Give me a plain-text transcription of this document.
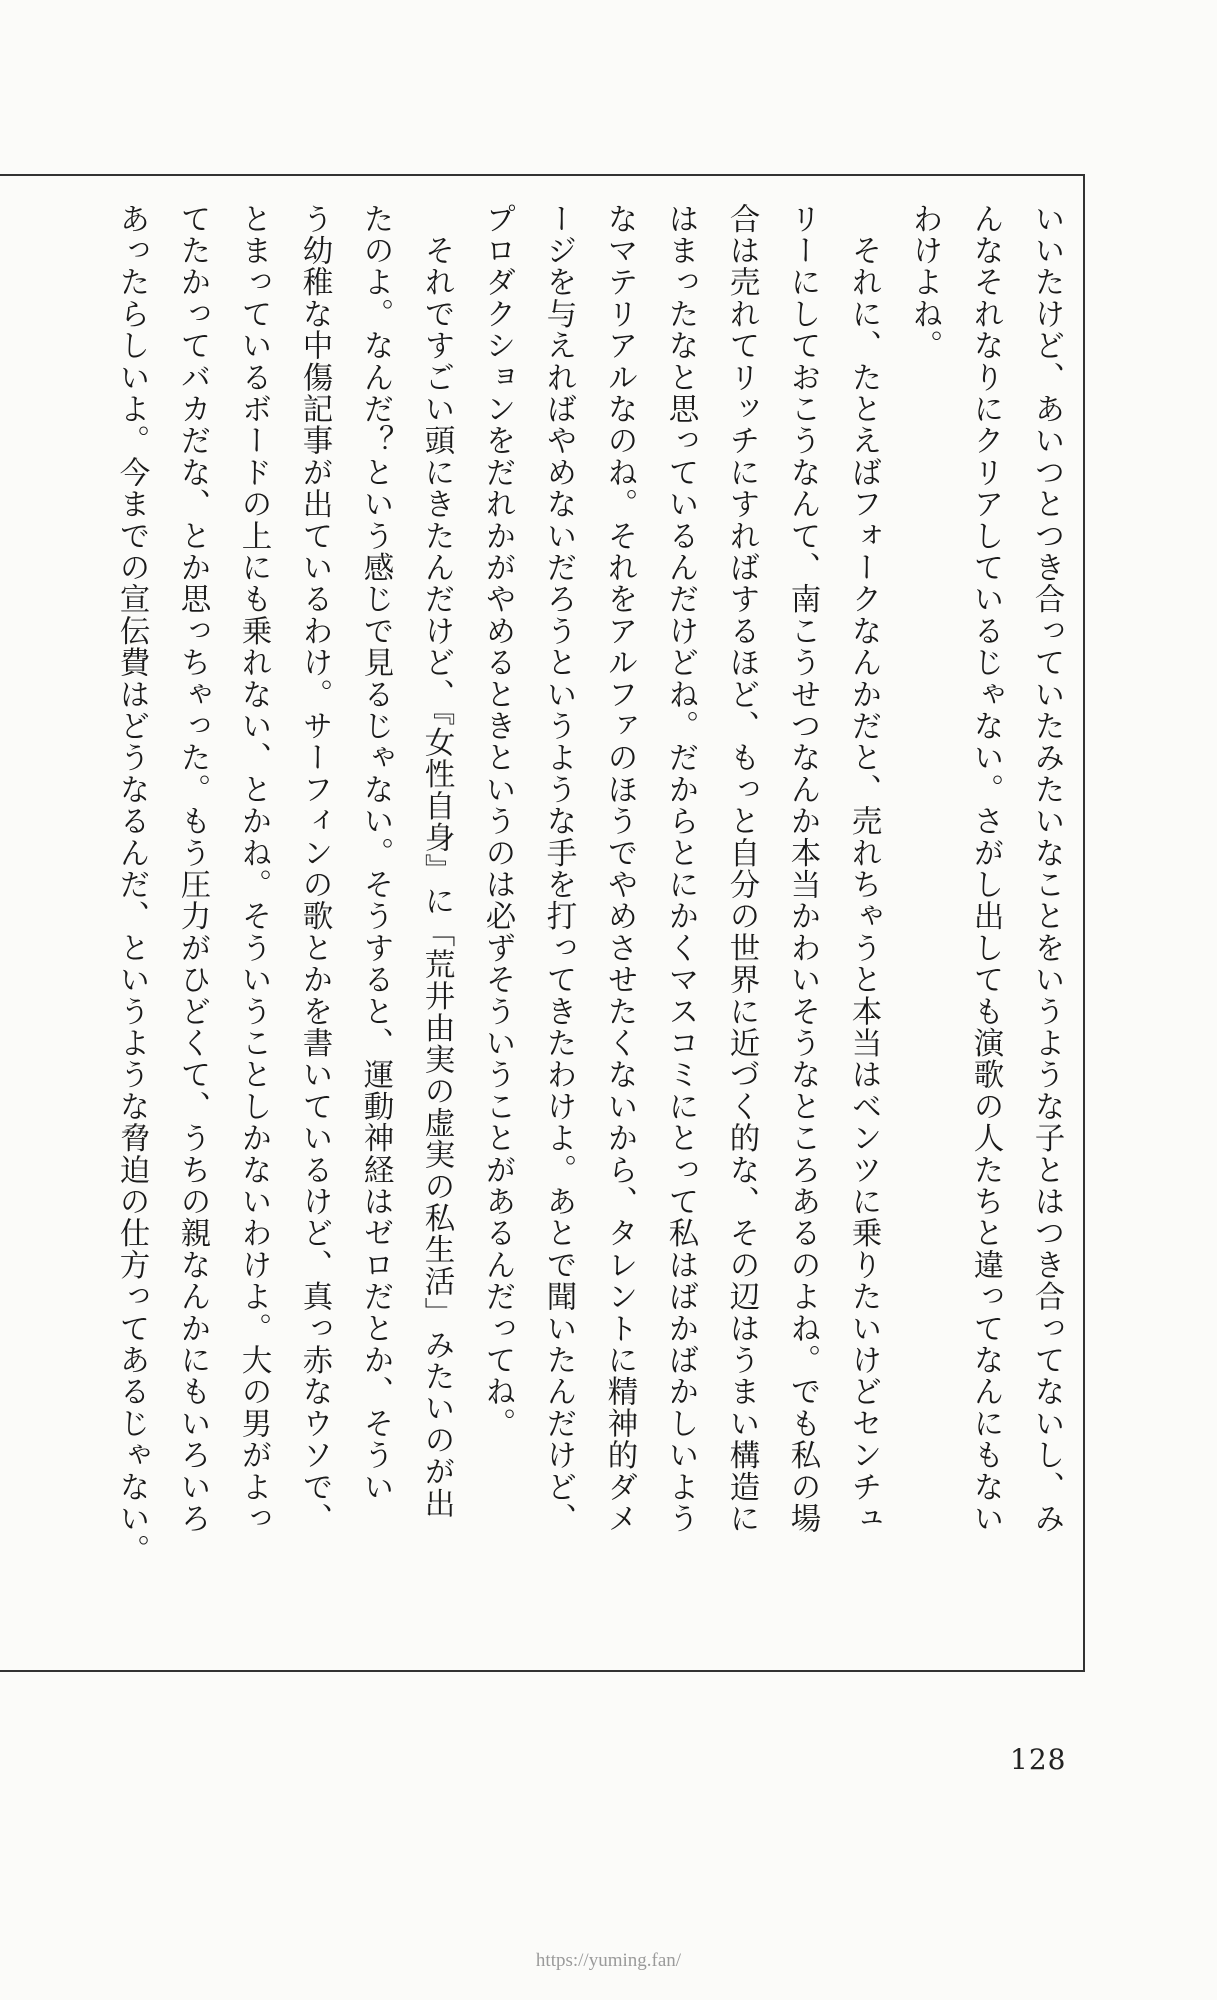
いいたけど、あいつとつき合っていたみたいなことをいうような子とはつき合ってないし、み
んなそれなりにクリアしているじゃない。さがし出しても演歌の人たちと違ってなんにもない
わけよね。
　それに、たとえばフォークなんかだと、売れちゃうと本当はベンツに乗りたいけどセンチュ
リーにしておこうなんて、南こうせつなんか本当かわいそうなところあるのよね。でも私の場
合は売れてリッチにすればするほど、もっと自分の世界に近づく的な、その辺はうまい構造に
はまったなと思っているんだけどね。だからとにかくマスコミにとって私はばかばかしいよう
なマテリアルなのね。それをアルファのほうでやめさせたくないから、タレントに精神的ダメ
ージを与えればやめないだろうというような手を打ってきたわけよ。あとで聞いたんだけど、
プロダクションをだれかがやめるときというのは必ずそういうことがあるんだってね。
　それですごい頭にきたんだけど、『女性自身』に「荒井由実の虚実の私生活」みたいのが出
たのよ。なんだ？という感じで見るじゃない。そうすると、運動神経はゼロだとか、そうい
う幼稚な中傷記事が出ているわけ。サーフィンの歌とかを書いているけど、真っ赤なウソで、
とまっているボードの上にも乗れない、とかね。そういうことしかないわけよ。大の男がよっ
てたかってバカだな、とか思っちゃった。もう圧力がひどくて、うちの親なんかにもいろいろ
あったらしいよ。今までの宣伝費はどうなるんだ、というような脅迫の仕方ってあるじゃない。
128
https://yuming.fan/
